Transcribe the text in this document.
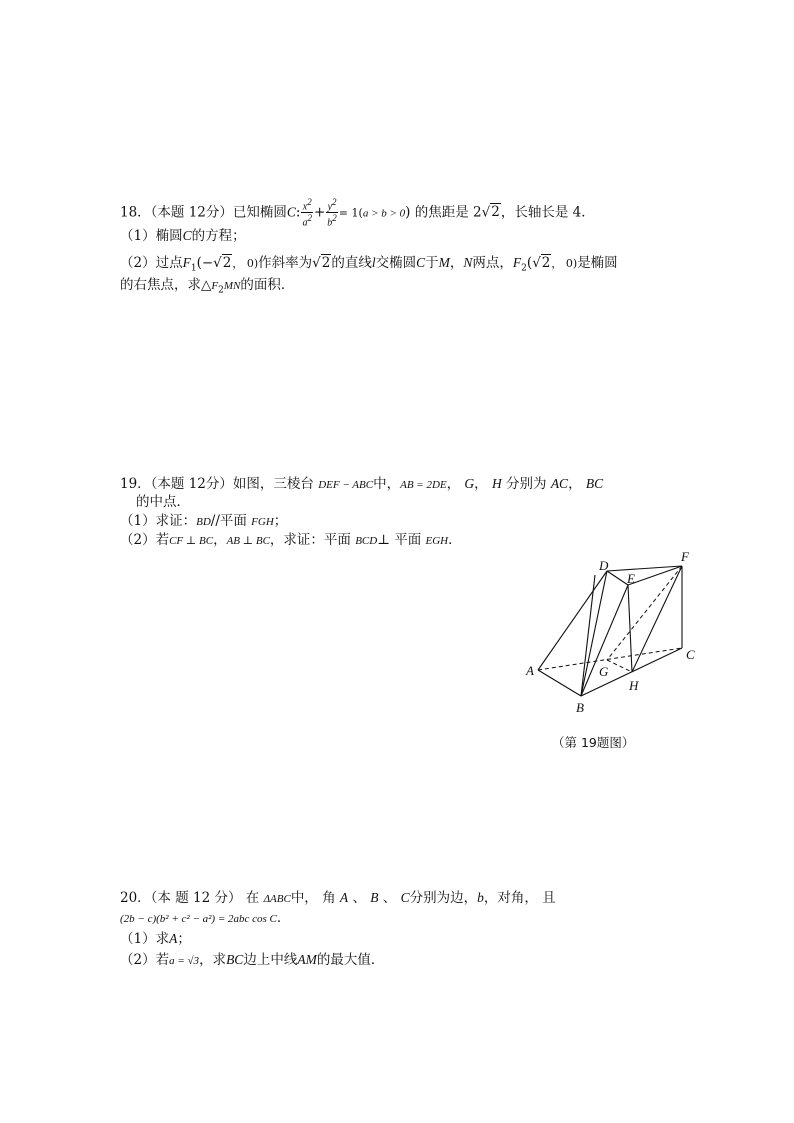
18．（本题 12分）已知椭圆C: $\frac{x^2}{a^2} + \frac{y^2}{b^2} = 1(a > b > 0)$ 的焦距是 2√2，长轴长是 4．
（1）椭圆C的方程；
（2）过点$F_1(-√2$， 0)作斜率为√2的直线l交椭圆C于M，N两点，$F_2(√2$， 0)是椭圆
的右焦点，求$\triangle F_2MN$的面积．
19．（本题 12分）如图，三棱台 DEF − ABC中，AB = 2DE， G， H 分别为 AC， BC
的中点．
（1）求证：BD//平面 FGH；
（2）若CF ⊥ BC，AB ⊥ BC，求证：平面 BCD⊥ 平面 EGH．
A
B
C
D
E
F
G
H
（第 19题图）
20．（本 题 12 分） 在 ΔABC中， 角 A 、 B 、 C分别为边，b，对角， 且
(2b − c)(b² + c² − a²) = 2abc cos C．
（1）求A；
（2）若a = √3，求BC边上中线AM的最大值．
